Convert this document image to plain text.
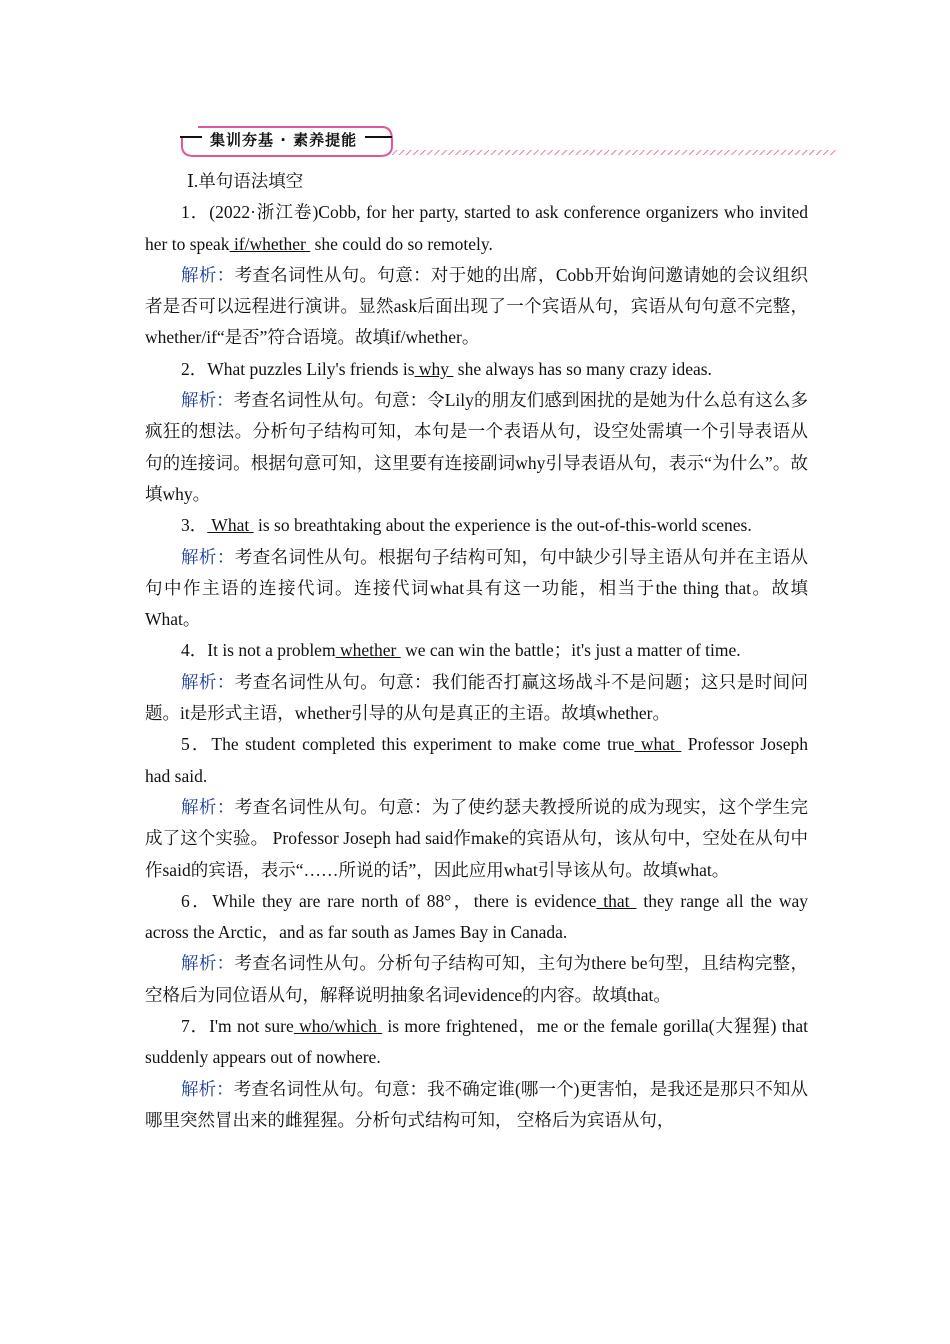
集训夯基 · 素养提能
Ⅰ.单句语法填空
1．(2022·浙江卷)Cobb, for her party, started to ask conference organizers who invited her to speak if/whether  she could do so remotely.
解析：考查名词性从句。句意：对于她的出席，Cobb开始询问邀请她的会议组织者是否可以远程进行演讲。显然ask后面出现了一个宾语从句，宾语从句句意不完整，whether/if“是否”符合语境。故填if/whether。
2．What puzzles Lily's friends is why  she always has so many crazy ideas.
解析：考查名词性从句。句意：令Lily的朋友们感到困扰的是她为什么总有这么多疯狂的想法。分析句子结构可知，本句是一个表语从句，设空处需填一个引导表语从句的连接词。根据句意可知，这里要有连接副词why引导表语从句，表示“为什么”。故填why。
3． What  is so breathtaking about the experience is the out-of-this-world scenes.
解析：考查名词性从句。根据句子结构可知，句中缺少引导主语从句并在主语从句中作主语的连接代词。连接代词what具有这一功能，相当于the thing that。故填What。
4．It is not a problem whether  we can win the battle；it's just a matter of time.
解析：考查名词性从句。句意：我们能否打赢这场战斗不是问题；这只是时间问题。it是形式主语，whether引导的从句是真正的主语。故填whether。
5．The student completed this experiment to make come true what  Professor Joseph had said.
解析：考查名词性从句。句意：为了使约瑟夫教授所说的成为现实，这个学生完成了这个实验。 Professor Joseph had said作make的宾语从句，该从句中，空处在从句中作said的宾语，表示“……所说的话”，因此应用what引导该从句。故填what。
6．While they are rare north of 88°，there is evidence that  they range all the way across the Arctic，and as far south as James Bay in Canada.
解析：考查名词性从句。分析句子结构可知，主句为there be句型，且结构完整，空格后为同位语从句，解释说明抽象名词evidence的内容。故填that。
7．I'm not sure who/which  is more frightened，me or the female gorilla(大猩猩) that suddenly appears out of nowhere.
解析：考查名词性从句。句意：我不确定谁(哪一个)更害怕，是我还是那只不知从哪里突然冒出来的雌猩猩。分析句式结构可知， 空格后为宾语从句，
